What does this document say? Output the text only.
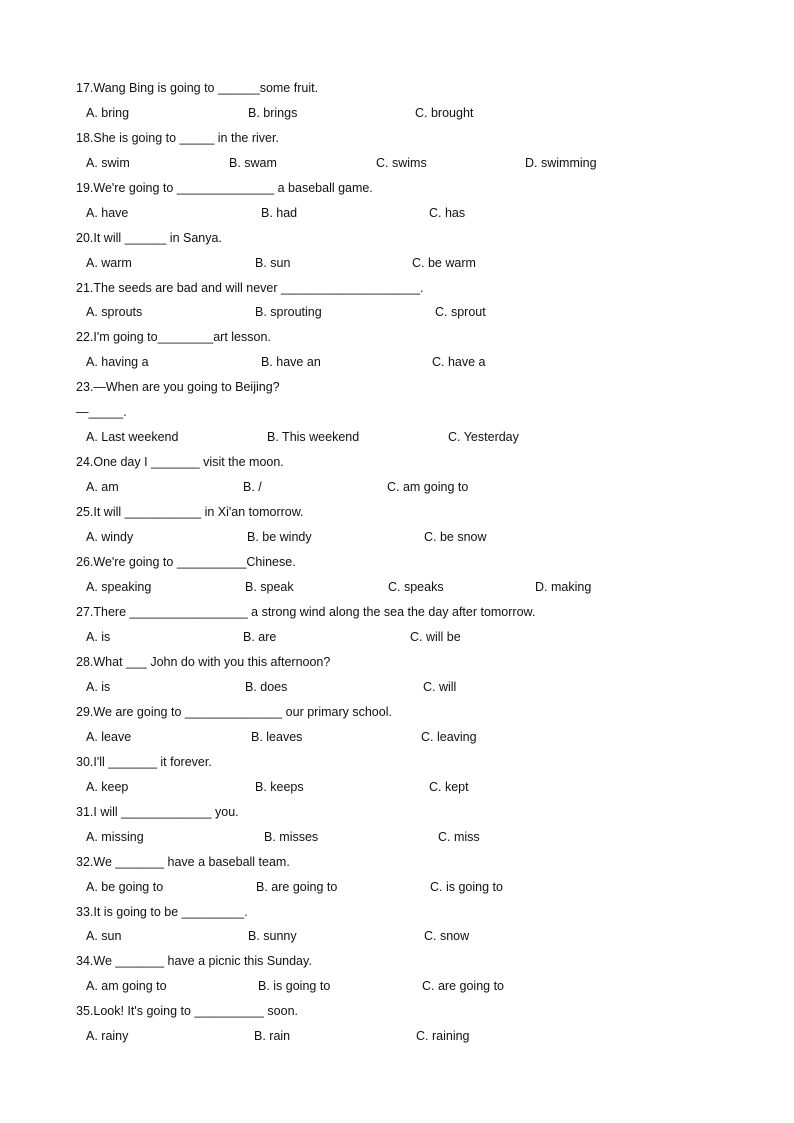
17.Wang Bing is going to ______some fruit.
A. bring	B. brings	C. brought
18.She is going to _____ in the river.
A. swim	B. swam	C. swims	D. swimming
19.We're going to ______________ a baseball game.
A. have	B. had	C. has
20.It will ______ in Sanya.
A. warm	B. sun	C. be warm
21.The seeds are bad and will never ____________________.
A. sprouts	B. sprouting	C. sprout
22.I'm going to________art lesson.
A. having a	B. have an	C. have a
23.—When are you going to Beijing?
—_____.
A. Last weekend	B. This weekend	C. Yesterday
24.One day I _______ visit the moon.
A. am	B. /	C. am going to
25.It will ___________ in Xi'an tomorrow.
A. windy	B. be windy	C. be snow
26.We're going to __________Chinese.
A. speaking	B. speak	C. speaks	D. making
27.There _________________ a strong wind along the sea the day after tomorrow.
A. is	B. are	C. will be
28.What ___ John do with you this afternoon?
A. is	B. does	C. will
29.We are going to ______________ our primary school.
A. leave	B. leaves	C. leaving
30.I'll _______ it forever.
A. keep	B. keeps	C. kept
31.I will _____________ you.
A. missing	B. misses	C. miss
32.We _______ have a baseball team.
A. be going to	B. are going to	C. is going to
33.It is going to be _________.
A. sun	B. sunny	C. snow
34.We _______ have a picnic this Sunday.
A. am going to	B. is going to	C. are going to
35.Look! It's going to __________ soon.
A. rainy	B. rain	C. raining
